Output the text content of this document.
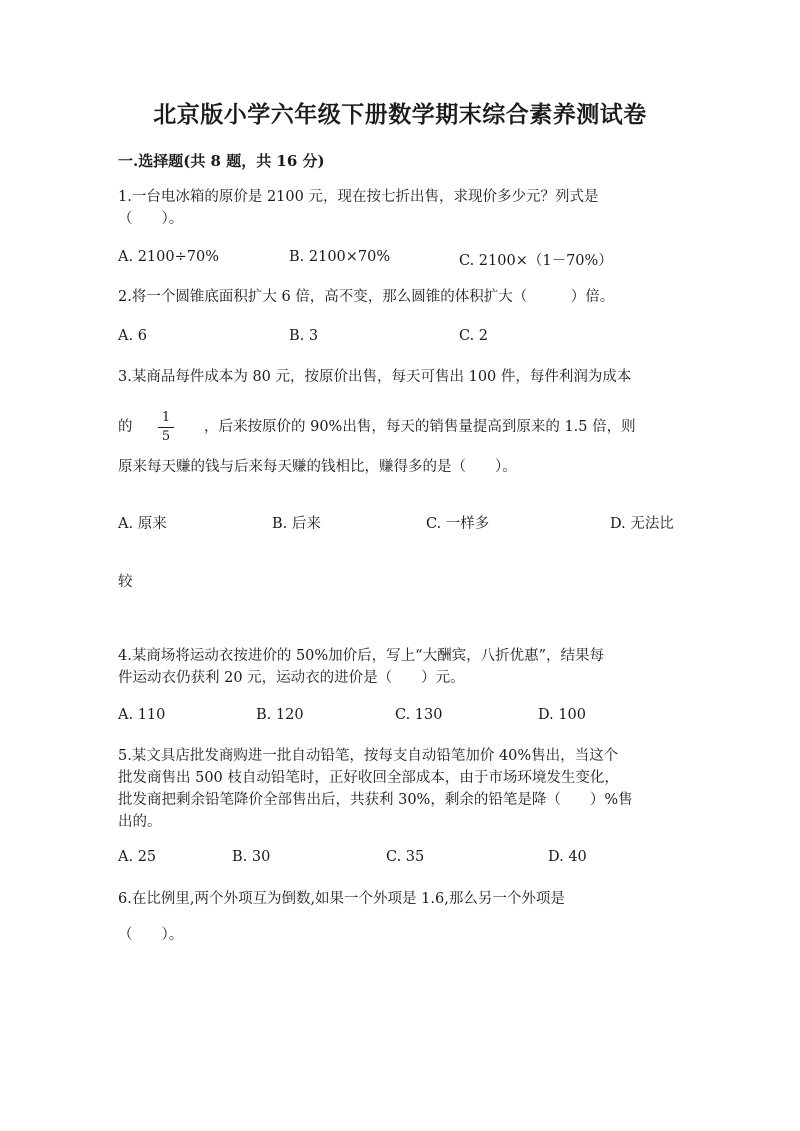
北京版小学六年级下册数学期末综合素养测试卷
一.选择题(共 8 题，共 16 分)
1.一台电冰箱的原价是 2100 元，现在按七折出售，求现价多少元？列式是
（　　）。
A. 2100÷70%	B. 2100×70%	C. 2100×（1－70%）
2.将一个圆锥底面积扩大 6 倍，高不变，那么圆锥的体积扩大（　　　）倍。
A. 6	B. 3	C. 2
3.某商品每件成本为 80 元，按原价出售，每天可售出 100 件，每件利润为成本
的 $\frac{1}{5}$ ，后来按原价的 90%出售，每天的销售量提高到原来的 1.5 倍，则
原来每天赚的钱与后来每天赚的钱相比，赚得多的是（　　）。
A. 原来	B. 后来	C. 一样多	D. 无法比
较
4.某商场将运动衣按进价的 50%加价后，写上“大酬宾，八折优惠”，结果每
件运动衣仍获利 20 元，运动衣的进价是（　　）元。
A. 110	B. 120	C. 130	D. 100
5.某文具店批发商购进一批自动铅笔，按每支自动铅笔加价 40%售出，当这个
批发商售出 500 枝自动铅笔时，正好收回全部成本，由于市场环境发生变化，
批发商把剩余铅笔降价全部售出后，共获利 30%，剩余的铅笔是降（　　）%售
出的。
A. 25	B. 30	C. 35	D. 40
6.在比例里,两个外项互为倒数,如果一个外项是 1.6,那么另一个外项是
（　　）。
